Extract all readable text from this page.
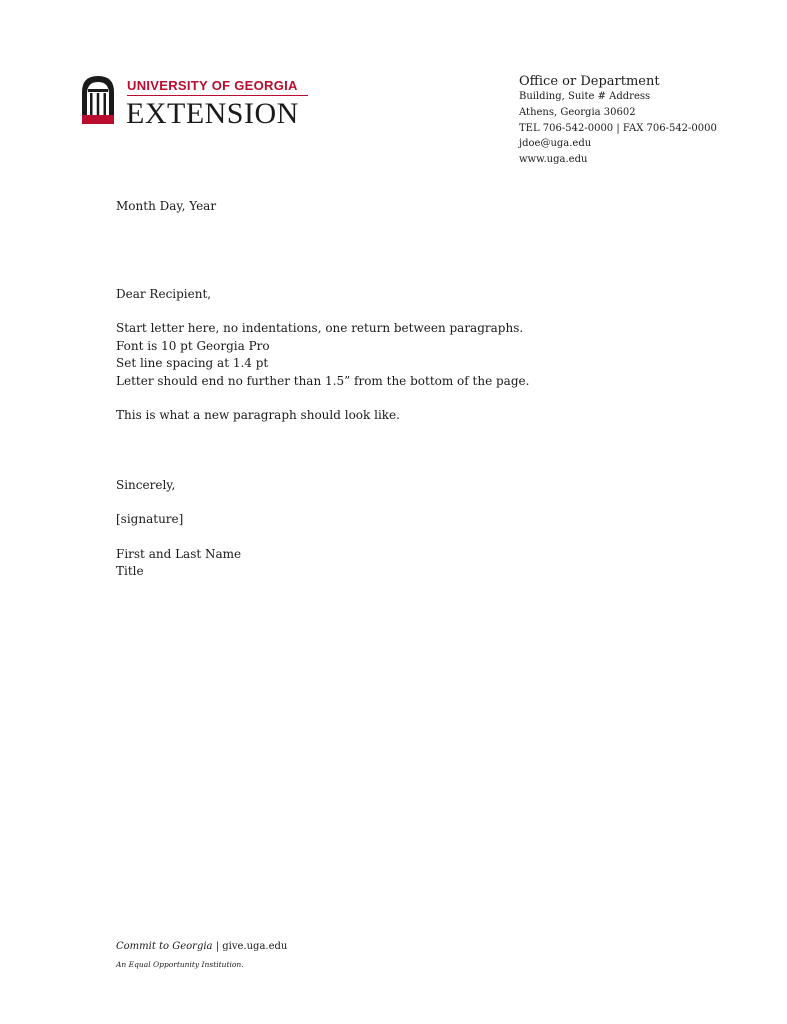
UNIVERSITY OF GEORGIA
EXTENSION
Office or Department
Building, Suite # Address
Athens, Georgia 30602
TEL 706-542-0000 | FAX 706-542-0000
jdoe@uga.edu
www.uga.edu

Month Day, Year

Dear Recipient,

Start letter here, no indentations, one return between paragraphs.

Font is 10 pt Georgia Pro

Set line spacing at 1.4 pt

Letter should end no further than 1.5” from the bottom of the page.

This is what a new paragraph should look like.

Sincerely,

[signature]

First and Last Name

Title

Commit to Georgia | give.uga.edu
An Equal Opportunity Institution.
